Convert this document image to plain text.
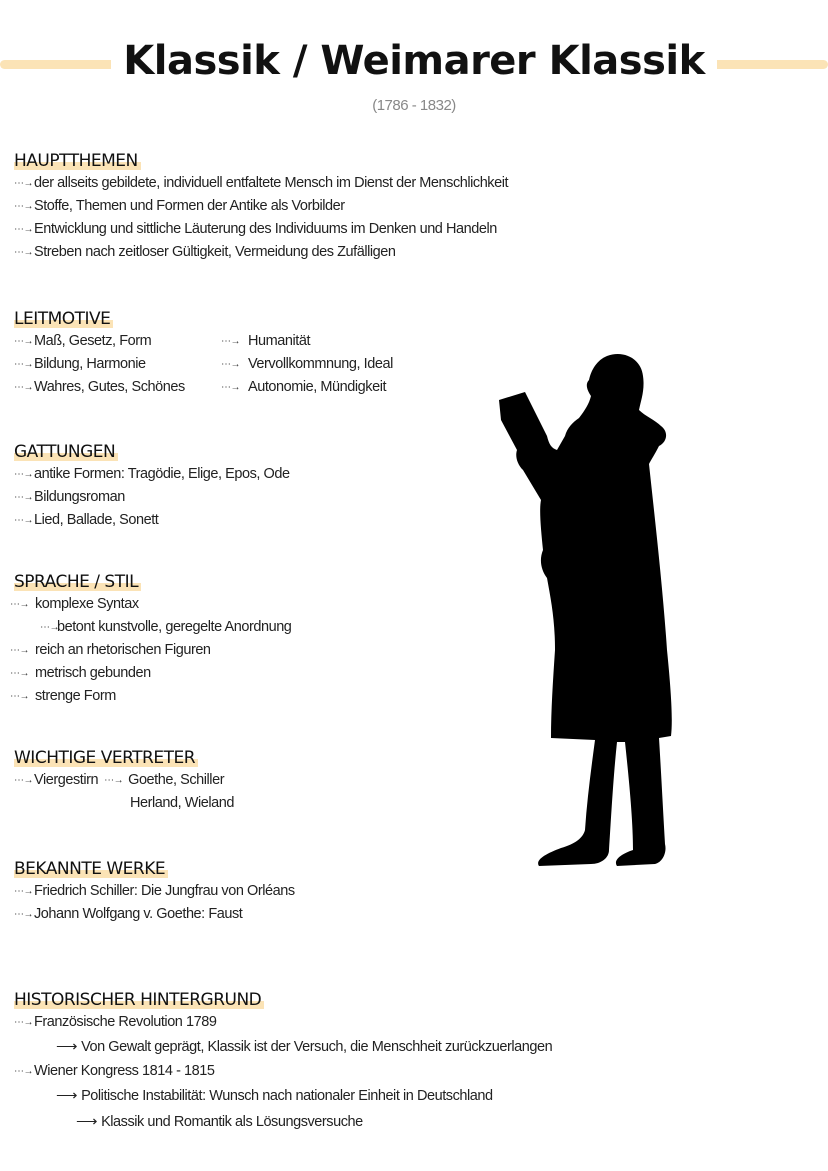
Klassik / Weimarer Klassik
(1786 - 1832)
HAUPTTHEMEN
⋯→der allseits gebildete, individuell entfaltete Mensch im Dienst der Menschlichkeit
⋯→Stoffe, Themen und Formen der Antike als Vorbilder
⋯→Entwicklung und sittliche Läuterung des Individuums im Denken und Handeln
⋯→Streben nach zeitloser Gültigkeit, Vermeidung des Zufälligen
LEITMOTIVE
⋯→Maß, Gesetz, Form
⋯→Bildung, Harmonie
⋯→Wahres, Gutes, Schönes
⋯→ Humanität
⋯→ Vervollkommnung, Ideal
⋯→ Autonomie, Mündigkeit
GATTUNGEN
⋯→antike Formen: Tragödie, Elige, Epos, Ode
⋯→Bildungsroman
⋯→Lied, Ballade, Sonett
SPRACHE / STIL
⋯→ komplexe Syntax
⋯→betont kunstvolle, geregelte Anordnung
⋯→ reich an rhetorischen Figuren
⋯→ metrisch gebunden
⋯→ strenge Form
WICHTIGE VERTRETER
⋯→Viergestirn ⋯→ Goethe, Schiller
Herland, Wieland
BEKANNTE WERKE
⋯→Friedrich Schiller: Die Jungfrau von Orléans
⋯→Johann Wolfgang v. Goethe: Faust
HISTORISCHER HINTERGRUND
⋯→Französische Revolution 1789
⟶ Von Gewalt geprägt, Klassik ist der Versuch, die Menschheit zurückzuerlangen
⋯→Wiener Kongress 1814 - 1815
⟶ Politische Instabilität: Wunsch nach nationaler Einheit in Deutschland
⟶ Klassik und Romantik als Lösungsversuche
